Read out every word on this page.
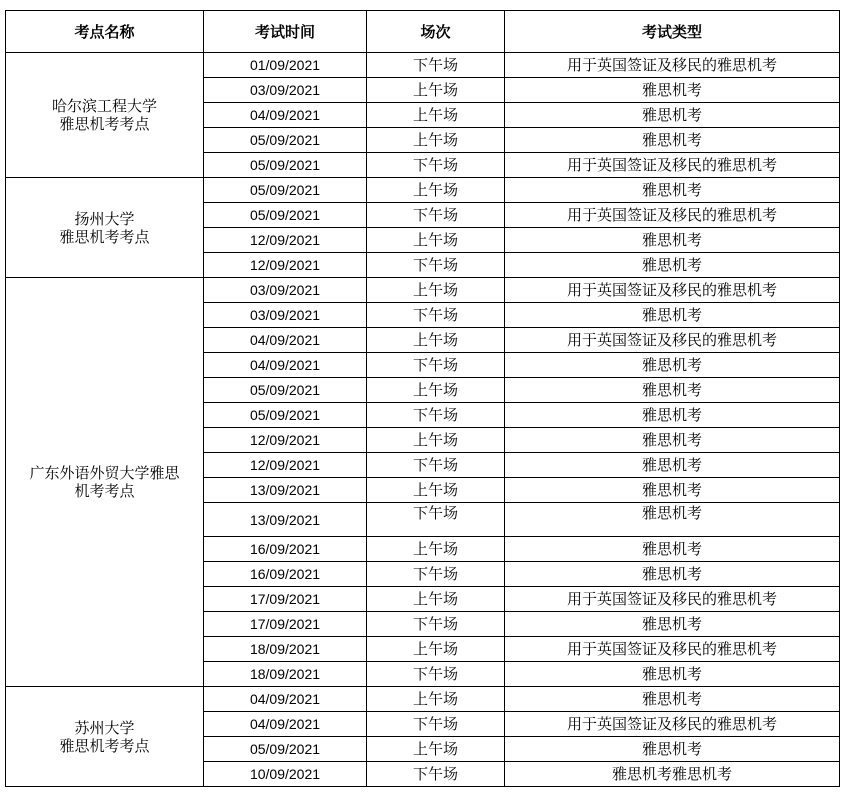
考点名称	考试时间	场次	考试类型

哈尔滨工程大学
雅思机考考点	01/09/2021	下午场	用于英国签证及移民的雅思机考
	03/09/2021	上午场	雅思机考
	04/09/2021	上午场	雅思机考
	05/09/2021	上午场	雅思机考
	05/09/2021	下午场	用于英国签证及移民的雅思机考

扬州大学
雅思机考考点	05/09/2021	上午场	雅思机考
	05/09/2021	下午场	用于英国签证及移民的雅思机考
	12/09/2021	上午场	雅思机考
	12/09/2021	下午场	雅思机考

广东外语外贸大学雅思
机考考点	03/09/2021	上午场	用于英国签证及移民的雅思机考
	03/09/2021	下午场	雅思机考
	04/09/2021	上午场	用于英国签证及移民的雅思机考
	04/09/2021	下午场	雅思机考
	05/09/2021	上午场	雅思机考
	05/09/2021	下午场	雅思机考
	12/09/2021	上午场	雅思机考
	12/09/2021	下午场	雅思机考
	13/09/2021	上午场	雅思机考
	13/09/2021	下午场	雅思机考
	16/09/2021	上午场	雅思机考
	16/09/2021	下午场	雅思机考
	17/09/2021	上午场	用于英国签证及移民的雅思机考
	17/09/2021	下午场	雅思机考
	18/09/2021	上午场	用于英国签证及移民的雅思机考
	18/09/2021	下午场	雅思机考

苏州大学
雅思机考考点	04/09/2021	上午场	雅思机考
	04/09/2021	下午场	用于英国签证及移民的雅思机考
	05/09/2021	上午场	雅思机考
	10/09/2021	下午场	雅思机考雅思机考
